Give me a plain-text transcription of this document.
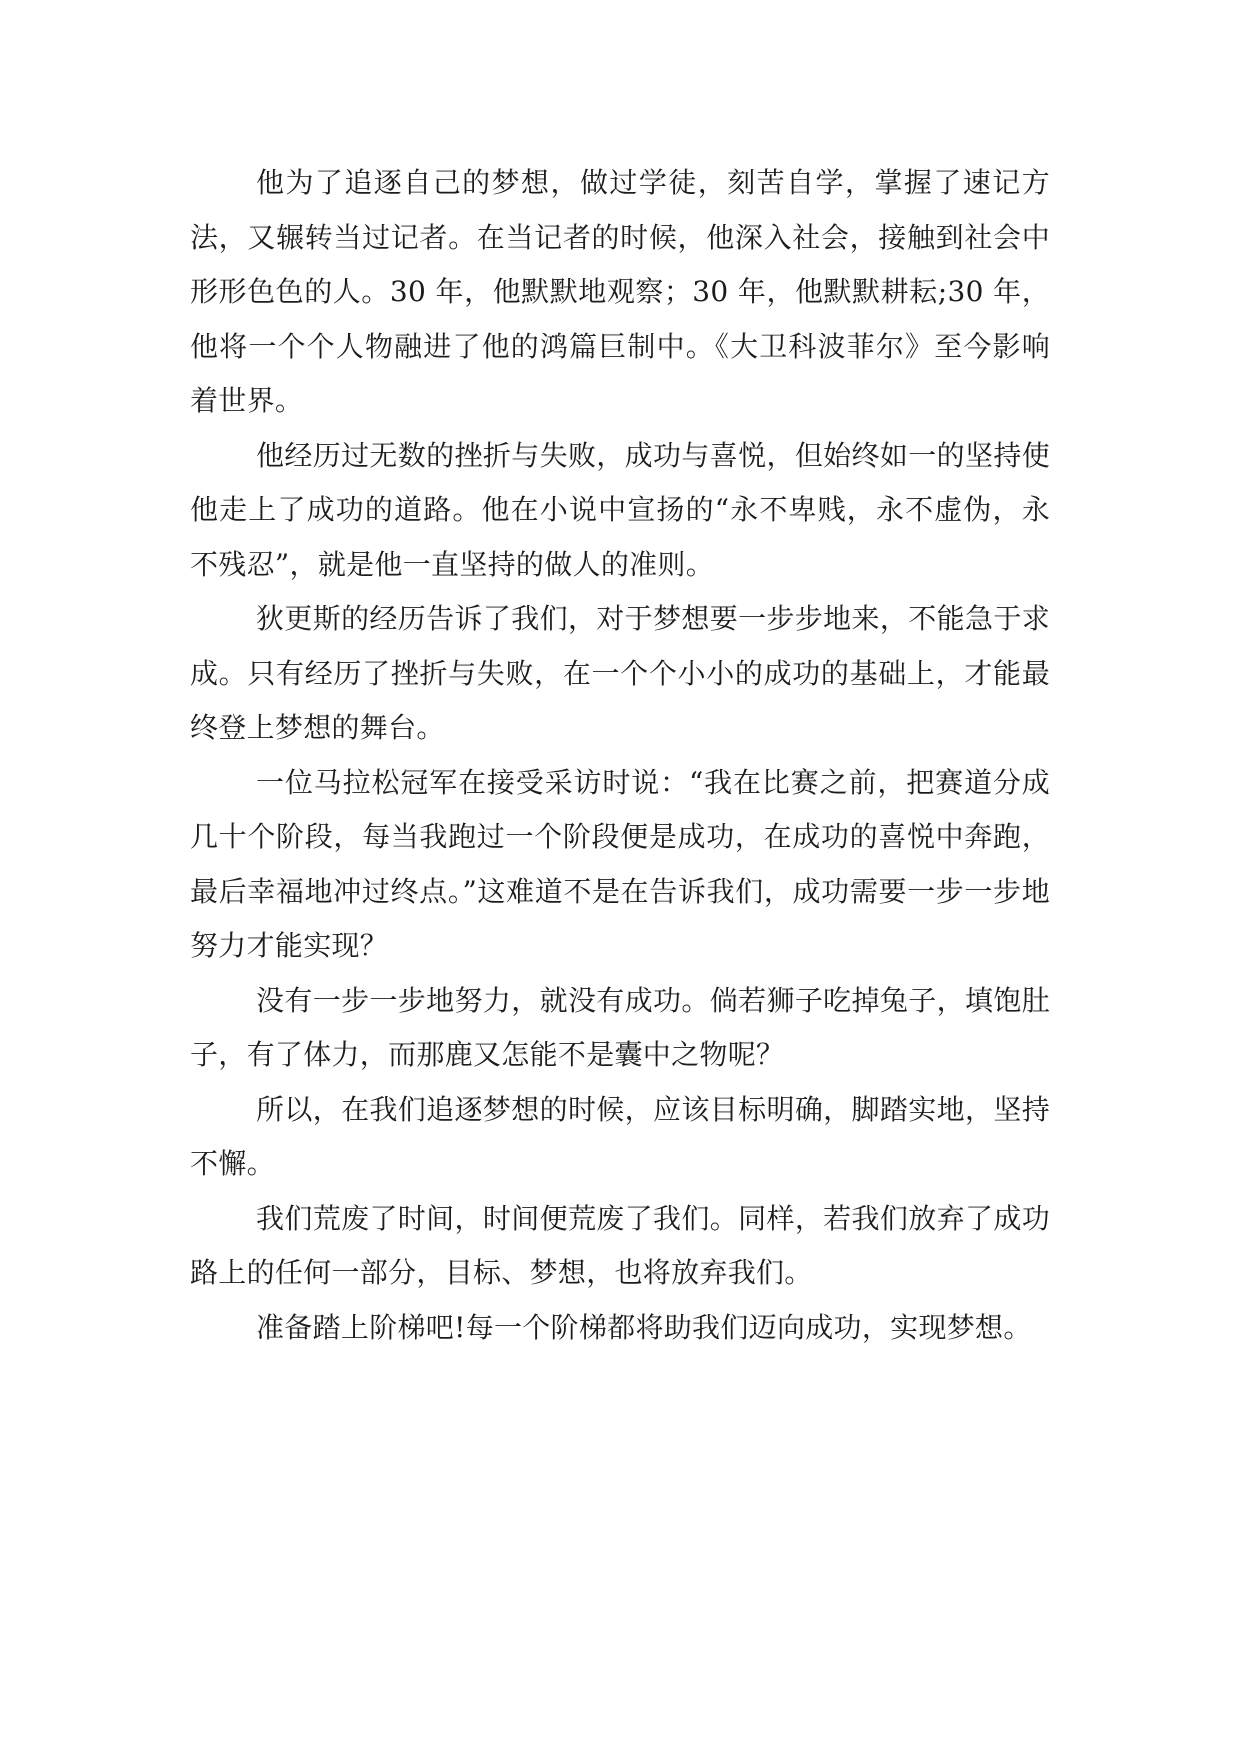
他为了追逐自己的梦想，做过学徒，刻苦自学，掌握了速记方法，又辗转当过记者。在当记者的时候，他深入社会，接触到社会中形形色色的人。30 年，他默默地观察；30 年，他默默耕耘;30 年，他将一个个人物融进了他的鸿篇巨制中。《大卫科波菲尔》至今影响着世界。

他经历过无数的挫折与失败，成功与喜悦，但始终如一的坚持使他走上了成功的道路。他在小说中宣扬的“永不卑贱，永不虚伪，永不残忍”，就是他一直坚持的做人的准则。

狄更斯的经历告诉了我们，对于梦想要一步步地来，不能急于求成。只有经历了挫折与失败，在一个个小小的成功的基础上，才能最终登上梦想的舞台。

一位马拉松冠军在接受采访时说：“我在比赛之前，把赛道分成几十个阶段，每当我跑过一个阶段便是成功，在成功的喜悦中奔跑，最后幸福地冲过终点。”这难道不是在告诉我们，成功需要一步一步地努力才能实现？

没有一步一步地努力，就没有成功。倘若狮子吃掉兔子，填饱肚子，有了体力，而那鹿又怎能不是囊中之物呢？

所以，在我们追逐梦想的时候，应该目标明确，脚踏实地，坚持不懈。

我们荒废了时间，时间便荒废了我们。同样，若我们放弃了成功路上的任何一部分，目标、梦想，也将放弃我们。

准备踏上阶梯吧!每一个阶梯都将助我们迈向成功，实现梦想。
